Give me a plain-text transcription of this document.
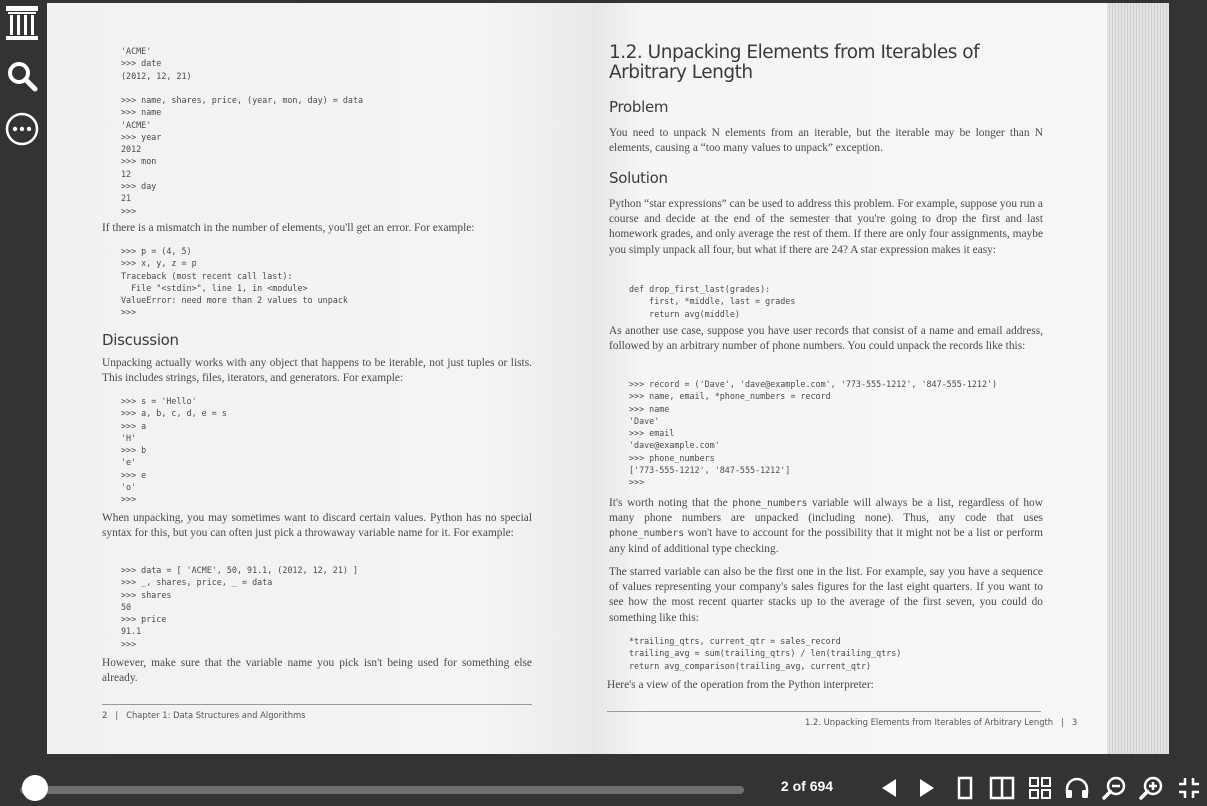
'ACME'
>>> date
(2012, 12, 21)
>>> name, shares, price, (year, mon, day) = data
>>> name
'ACME'
>>> year
2012
>>> mon
12
>>> day
21
>>>
If there is a mismatch in the number of elements, you'll get an error. For example:
>>> p = (4, 5)
>>> x, y, z = p
Traceback (most recent call last):
File "<stdin>", line 1, in <module>
ValueError: need more than 2 values to unpack
>>>
Discussion
Unpacking actually works with any object that happens to be iterable, not just tuples or lists. This includes strings, files, iterators, and generators. For example:
>>> s = 'Hello'
>>> a, b, c, d, e = s
>>> a
'H'
>>> b
'e'
>>> e
'o'
>>>
When unpacking, you may sometimes want to discard certain values. Python has no special syntax for this, but you can often just pick a throwaway variable name for it. For example:
>>> data = [ 'ACME', 50, 91.1, (2012, 12, 21) ]
>>> _, shares, price, _ = data
>>> shares
50
>>> price
91.1
>>>
However, make sure that the variable name you pick isn't being used for something else already.
2   |   Chapter 1: Data Structures and Algorithms
1.2. Unpacking Elements from Iterables of Arbitrary Length
Problem
You need to unpack N elements from an iterable, but the iterable may be longer than N elements, causing a “too many values to unpack” exception.
Solution
Python “star expressions” can be used to address this problem. For example, suppose you run a course and decide at the end of the semester that you're going to drop the first and last homework grades, and only average the rest of them. If there are only four assignments, maybe you simply unpack all four, but what if there are 24? A star expression makes it easy:
def drop_first_last(grades):
first, *middle, last = grades
return avg(middle)
As another use case, suppose you have user records that consist of a name and email address, followed by an arbitrary number of phone numbers. You could unpack the records like this:
>>> record = ('Dave', 'dave@example.com', '773-555-1212', '847-555-1212')
>>> name, email, *phone_numbers = record
>>> name
'Dave'
>>> email
'dave@example.com'
>>> phone_numbers
['773-555-1212', '847-555-1212']
>>>
It's worth noting that the phone_numbers variable will always be a list, regardless of how many phone numbers are unpacked (including none). Thus, any code that uses phone_numbers won't have to account for the possibility that it might not be a list or perform any kind of additional type checking.
The starred variable can also be the first one in the list. For example, say you have a sequence of values representing your company's sales figures for the last eight quarters. If you want to see how the most recent quarter stacks up to the average of the first seven, you could do something like this:
*trailing_qtrs, current_qtr = sales_record
trailing_avg = sum(trailing_qtrs) / len(trailing_qtrs)
return avg_comparison(trailing_avg, current_qtr)
Here's a view of the operation from the Python interpreter:
1.2. Unpacking Elements from Iterables of Arbitrary Length   |   3
2 of 694
